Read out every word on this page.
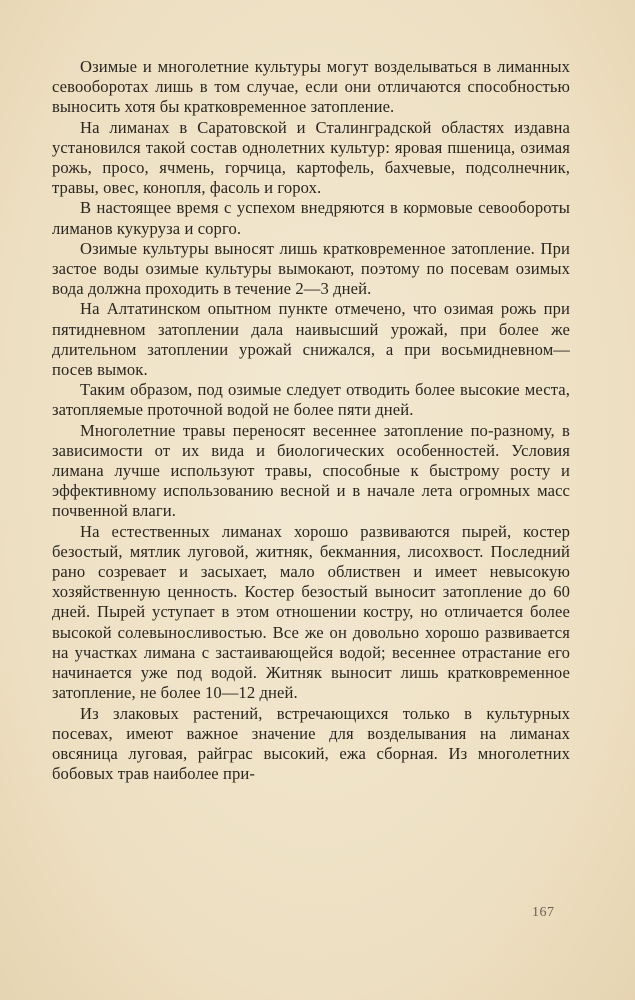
Озимые и многолетние культуры могут возделываться в лиманных севооборотах лишь в том случае, если они отличаются способностью выносить хотя бы кратковременное затопление.

На лиманах в Саратовской и Сталинградской областях издавна установился такой состав однолетних культур: яровая пшеница, озимая рожь, просо, ячмень, горчица, картофель, бахчевые, подсолнечник, травы, овес, конопля, фасоль и горох.

В настоящее время с успехом внедряются в кормовые севообороты лиманов кукуруза и сорго.

Озимые культуры выносят лишь кратковременное затопление. При застое воды озимые культуры вымокают, поэтому по посевам озимых вода должна проходить в течение 2—3 дней.

На Алтатинском опытном пункте отмечено, что озимая рожь при пятидневном затоплении дала наивысший урожай, при более же длительном затоплении урожай снижался, а при восьмидневном—посев вымок.

Таким образом, под озимые следует отводить более высокие места, затопляемые проточной водой не более пяти дней.

Многолетние травы переносят весеннее затопление по-разному, в зависимости от их вида и биологических особенностей. Условия лимана лучше используют травы, способные к быстрому росту и эффективному использованию весной и в начале лета огромных масс почвенной влаги.

На естественных лиманах хорошо развиваются пырей, костер безостый, мятлик луговой, житняк, бекманния, лисохвост. Последний рано созревает и засыхает, мало облиствен и имеет невысокую хозяйственную ценность. Костер безостый выносит затопление до 60 дней. Пырей уступает в этом отношении костру, но отличается более высокой солевыносливостью. Все же он довольно хорошо развивается на участках лимана с застаивающейся водой; весеннее отрастание его начинается уже под водой. Житняк выносит лишь кратковременное затопление, не более 10—12 дней.

Из злаковых растений, встречающихся только в культурных посевах, имеют важное значение для возделывания на лиманах овсяница луговая, райграс высокий, ежа сборная. Из многолетних бобовых трав наиболее при-

167
